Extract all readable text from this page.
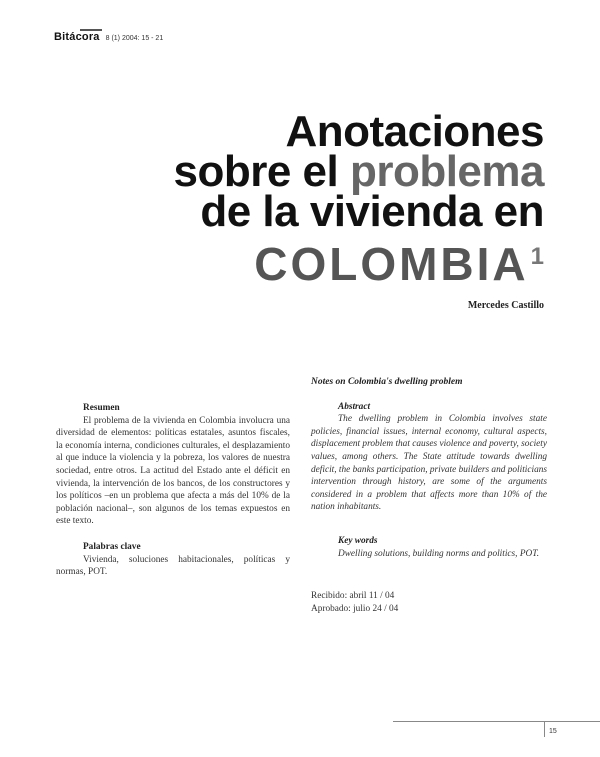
Bitácora 8 (1) 2004: 15 - 21
Anotaciones
sobre el problema
de la vivienda en
COLOMBIA$^1$
Mercedes Castillo
Resumen
El problema de la vivienda en Colombia involucra una diversidad de elementos: políticas estatales, asuntos fiscales, la economía interna, condiciones culturales, el desplazamiento al que induce la violencia y la pobreza, los valores de nuestra sociedad, entre otros. La actitud del Estado ante el déficit en vivienda, la intervención de los bancos, de los constructores y los políticos –en un problema que afecta a más del 10% de la población nacional–, son algunos de los temas expuestos en este texto.
Palabras clave
Vivienda, soluciones habitacionales, políticas y normas, POT.
Notes on Colombia's dwelling problem
Abstract
The dwelling problem in Colombia involves state policies, financial issues, internal economy, cultural aspects, displacement problem that causes violence and poverty, society values, among others. The State attitude towards dwelling deficit, the banks participation, private builders and politicians intervention through history, are some of the arguments considered in a problem that affects more than 10% of the nation inhabitants.
Key words
Dwelling solutions, building norms and politics, POT.
Recibido: abril 11 / 04
Aprobado: julio 24 / 04
15
